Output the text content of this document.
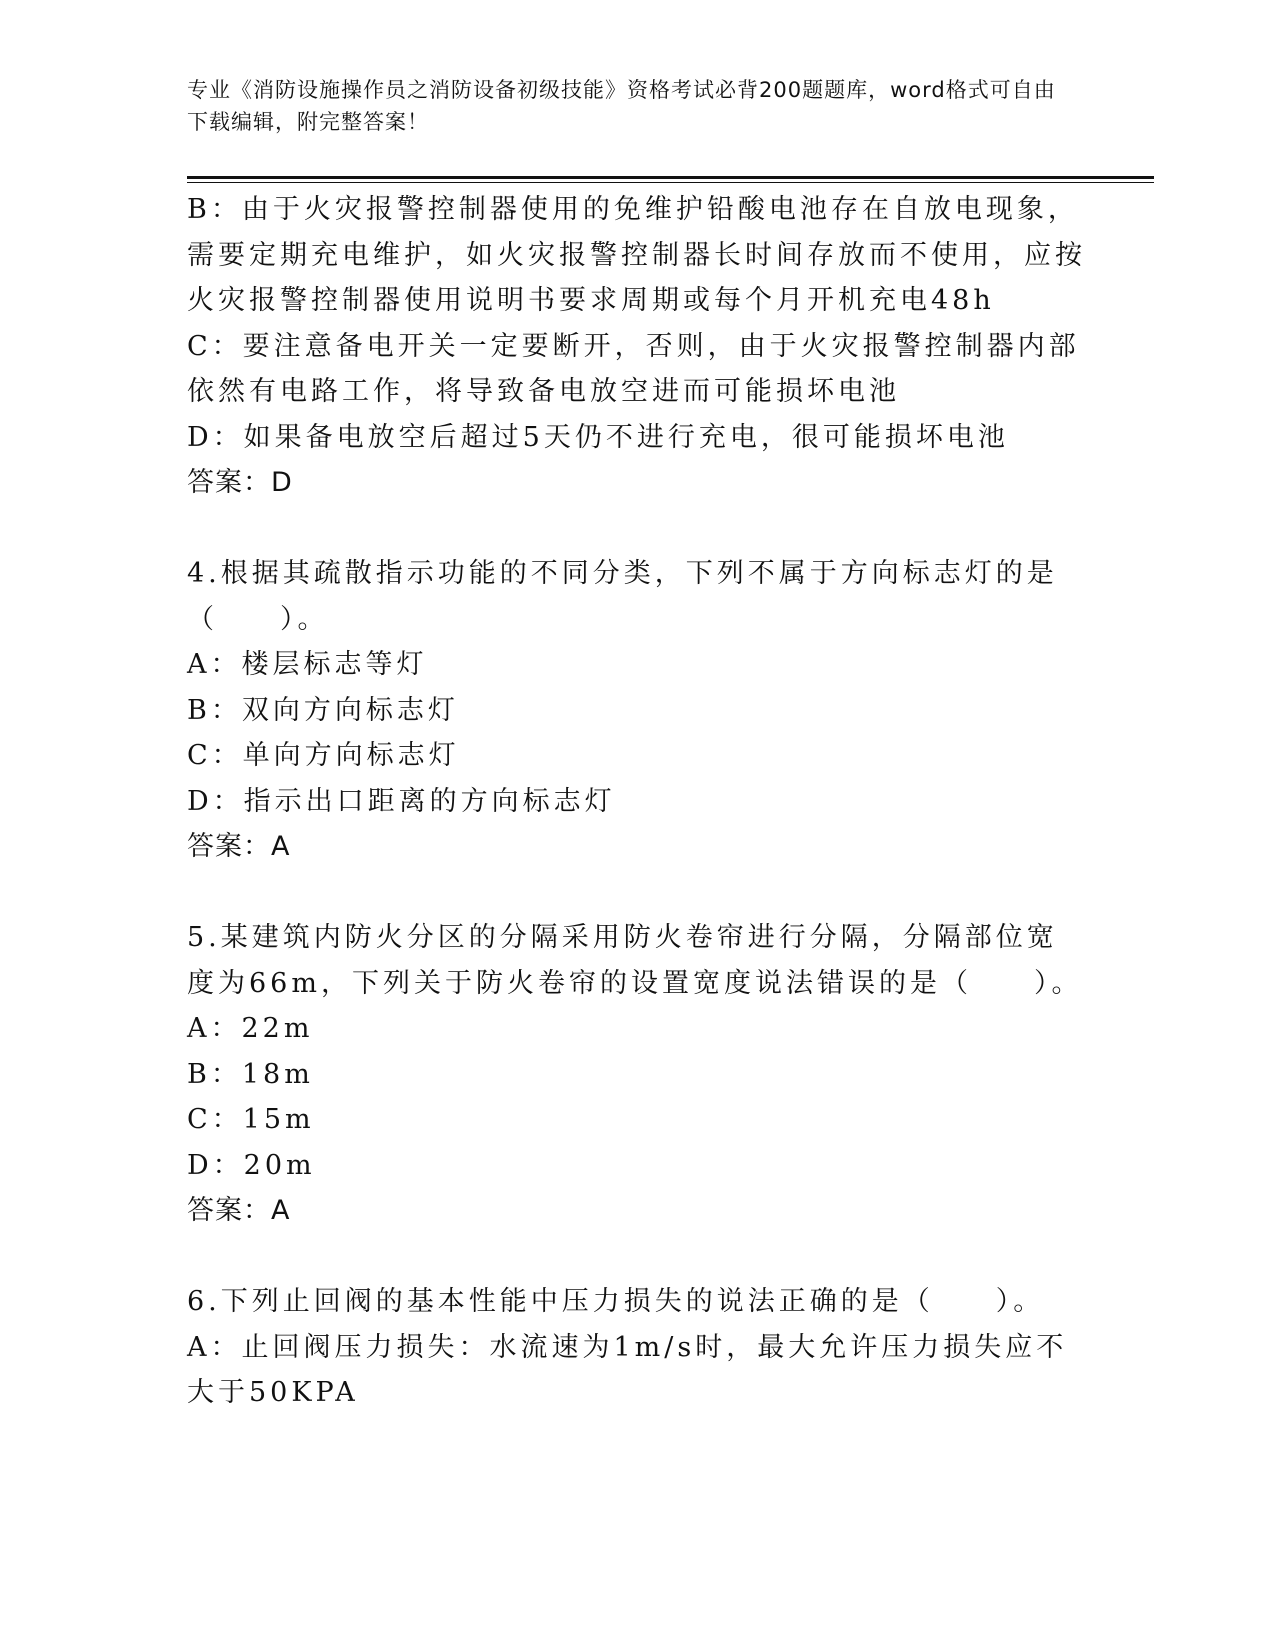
专业《消防设施操作员之消防设备初级技能》资格考试必背200题题库，word格式可自由下载编辑，附完整答案！

B：由于火灾报警控制器使用的免维护铅酸电池存在自放电现象，需要定期充电维护，如火灾报警控制器长时间存放而不使用，应按火灾报警控制器使用说明书要求周期或每个月开机充电48h

C：要注意备电开关一定要断开，否则，由于火灾报警控制器内部依然有电路工作，将导致备电放空进而可能损坏电池

D：如果备电放空后超过5天仍不进行充电，很可能损坏电池

答案：D

4.根据其疏散指示功能的不同分类，下列不属于方向标志灯的是（　　）。

A：楼层标志等灯

B：双向方向标志灯

C：单向方向标志灯

D：指示出口距离的方向标志灯

答案：A

5.某建筑内防火分区的分隔采用防火卷帘进行分隔，分隔部位宽度为66m，下列关于防火卷帘的设置宽度说法错误的是（　　）。

A：22m

B：18m

C：15m

D：20m

答案：A

6.下列止回阀的基本性能中压力损失的说法正确的是（　　）。

A：止回阀压力损失：水流速为1m/s时，最大允许压力损失应不大于50KPA
